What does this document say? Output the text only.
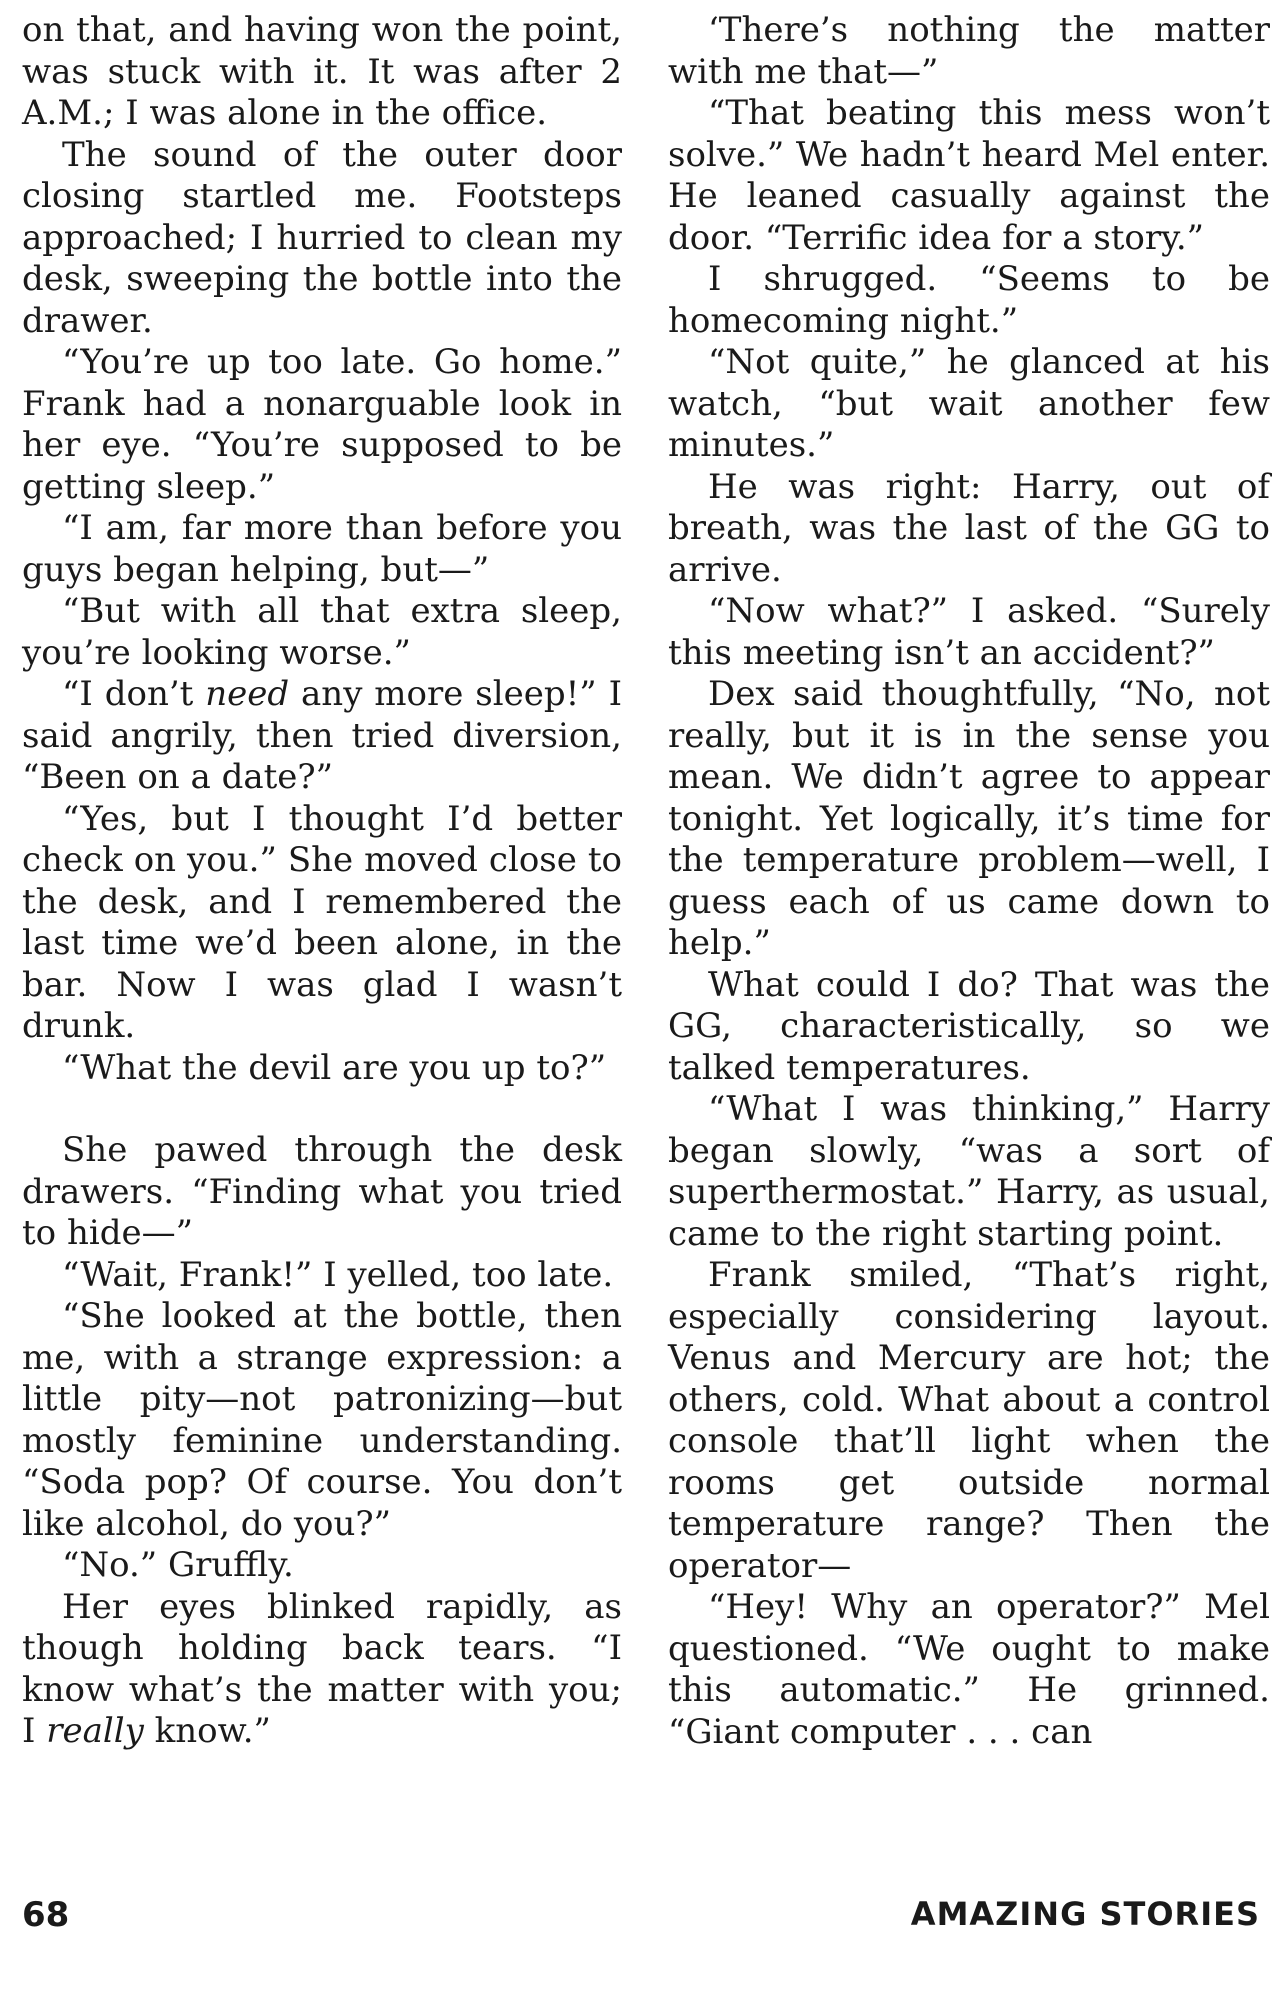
on that, and having won the point, was stuck with it. It was after 2 A.M.; I was alone in the office.

The sound of the outer door closing startled me. Footsteps approached; I hurried to clean my desk, sweeping the bottle into the drawer.

“You’re up too late. Go home.” Frank had a nonarguable look in her eye. “You’re supposed to be getting sleep.”

“I am, far more than before you guys began helping, but—”

“But with all that extra sleep, you’re looking worse.”

“I don’t need any more sleep!” I said angrily, then tried diversion, “Been on a date?”

“Yes, but I thought I’d better check on you.” She moved close to the desk, and I remembered the last time we’d been alone, in the bar. Now I was glad I wasn’t drunk.

“What the devil are you up to?”

She pawed through the desk drawers. “Finding what you tried to hide—”

“Wait, Frank!” I yelled, too late.

“She looked at the bottle, then me, with a strange expression: a little pity—not patronizing—but mostly feminine understanding. “Soda pop? Of course. You don’t like alcohol, do you?”

“No.” Gruffly.

Her eyes blinked rapidly, as though holding back tears. “I know what’s the matter with you; I really know.”

‘There’s nothing the matter with me that—”

“That beating this mess won’t solve.” We hadn’t heard Mel enter. He leaned casually against the door. “Terrific idea for a story.”

I shrugged. “Seems to be homecoming night.”

“Not quite,” he glanced at his watch, “but wait another few minutes.”

He was right: Harry, out of breath, was the last of the GG to arrive.

“Now what?” I asked. “Surely this meeting isn’t an accident?”

Dex said thoughtfully, “No, not really, but it is in the sense you mean. We didn’t agree to appear tonight. Yet logically, it’s time for the temperature problem—well, I guess each of us came down to help.”

What could I do? That was the GG, characteristically, so we talked temperatures.

“What I was thinking,” Harry began slowly, “was a sort of superthermostat.” Harry, as usual, came to the right starting point.

Frank smiled, “That’s right, especially considering layout. Venus and Mercury are hot; the others, cold. What about a control console that’ll light when the rooms get outside normal temperature range? Then the operator—

“Hey! Why an operator?” Mel questioned. “We ought to make this automatic.” He grinned. “Giant computer . . . can

68	AMAZING STORIES
